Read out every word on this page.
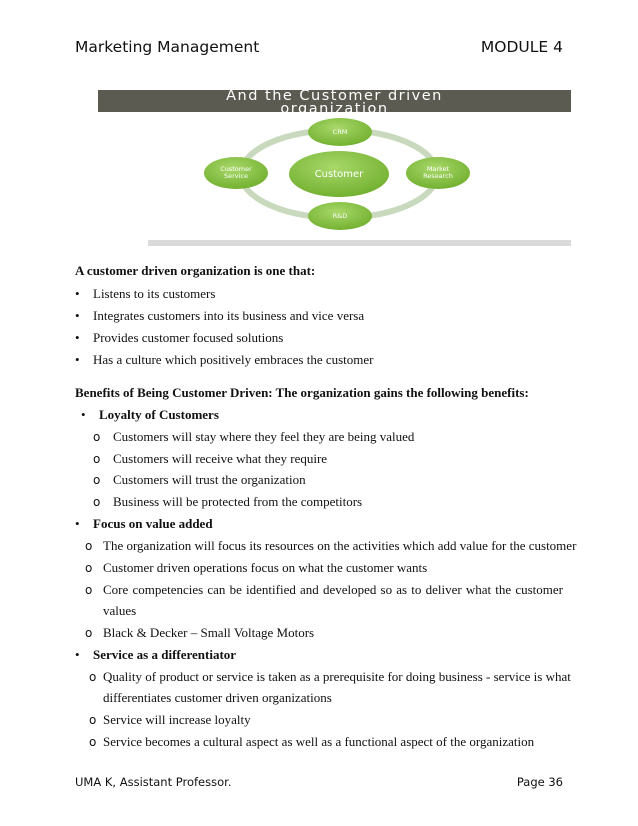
Marketing Management	MODULE 4
And the Customer driven
organization
Customer
CRM
Market
Research
R&D
Customer
Service
A customer driven organization is one that:
• Listens to its customers
• Integrates customers into its business and vice versa
• Provides customer focused solutions
• Has a culture which positively embraces the customer
Benefits of Being Customer Driven: The organization gains the following benefits:
• Loyalty of Customers
o Customers will stay where they feel they are being valued
o Customers will receive what they require
o Customers will trust the organization
o Business will be protected from the competitors
• Focus on value added
o The organization will focus its resources on the activities which add value for the customer
o Customer driven operations focus on what the customer wants
o Core competencies can be identified and developed so as to deliver what the customer
values
o Black & Decker – Small Voltage Motors
• Service as a differentiator
o Quality of product or service is taken as a prerequisite for doing business - service is what
differentiates customer driven organizations
o Service will increase loyalty
o Service becomes a cultural aspect as well as a functional aspect of the organization
UMA K, Assistant Professor.	Page 36
